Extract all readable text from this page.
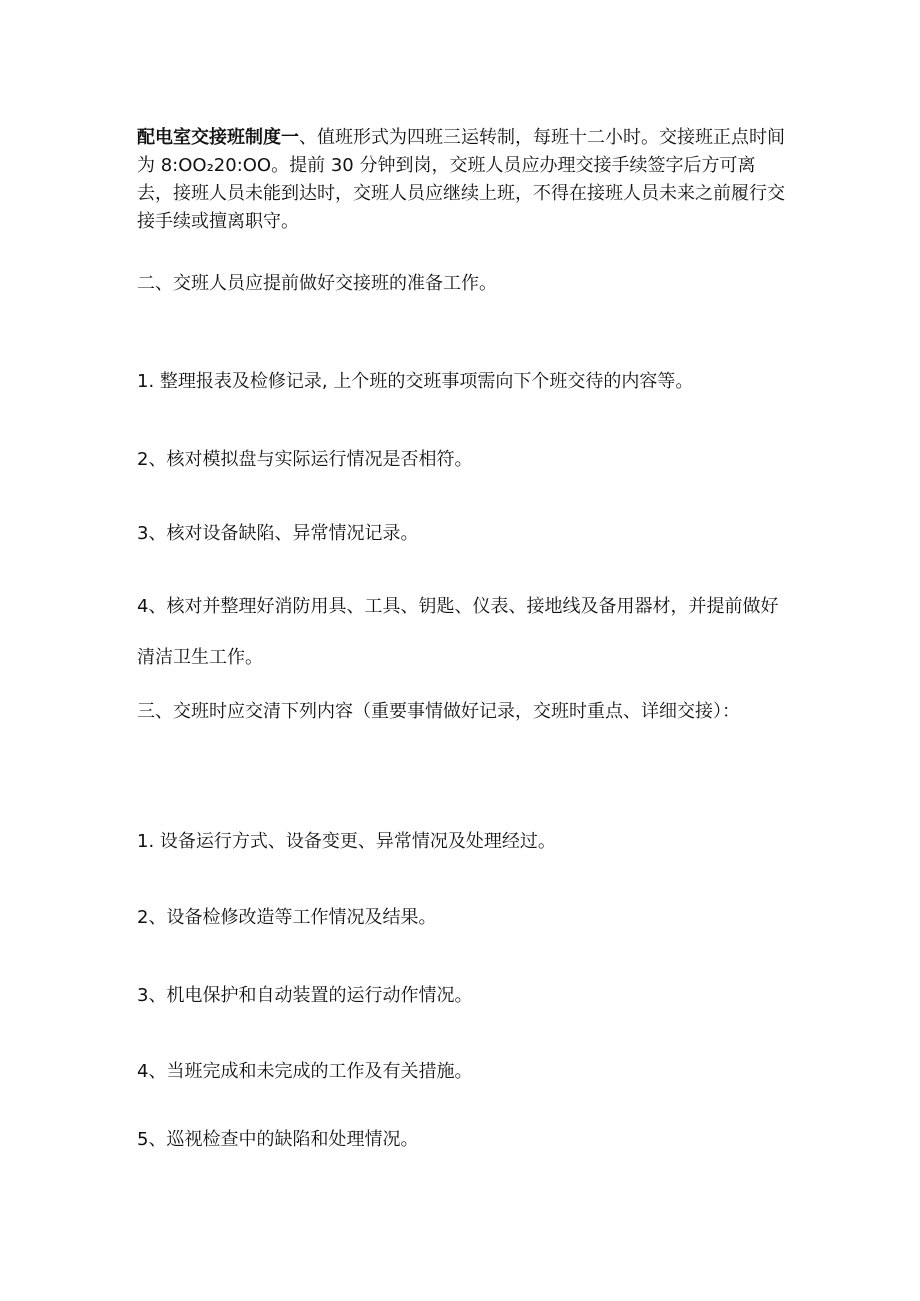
配电室交接班制度一、值班形式为四班三运转制，每班十二小时。交接班正点时间为 8:OO₂20:OO。提前 30 分钟到岗，交班人员应办理交接手续签字后方可离去，接班人员未能到达时，交班人员应继续上班，不得在接班人员未来之前履行交接手续或擅离职守。

二、交班人员应提前做好交接班的准备工作。

1. 整理报表及检修记录, 上个班的交班事项需向下个班交待的内容等。

2、核对模拟盘与实际运行情况是否相符。

3、核对设备缺陷、异常情况记录。

4、核对并整理好消防用具、工具、钥匙、仪表、接地线及备用器材，并提前做好清洁卫生工作。

三、交班时应交清下列内容（重要事情做好记录，交班时重点、详细交接）：

1. 设备运行方式、设备变更、异常情况及处理经过。

2、设备检修改造等工作情况及结果。

3、机电保护和自动装置的运行动作情况。

4、当班完成和未完成的工作及有关措施。

5、巡视检查中的缺陷和处理情况。
